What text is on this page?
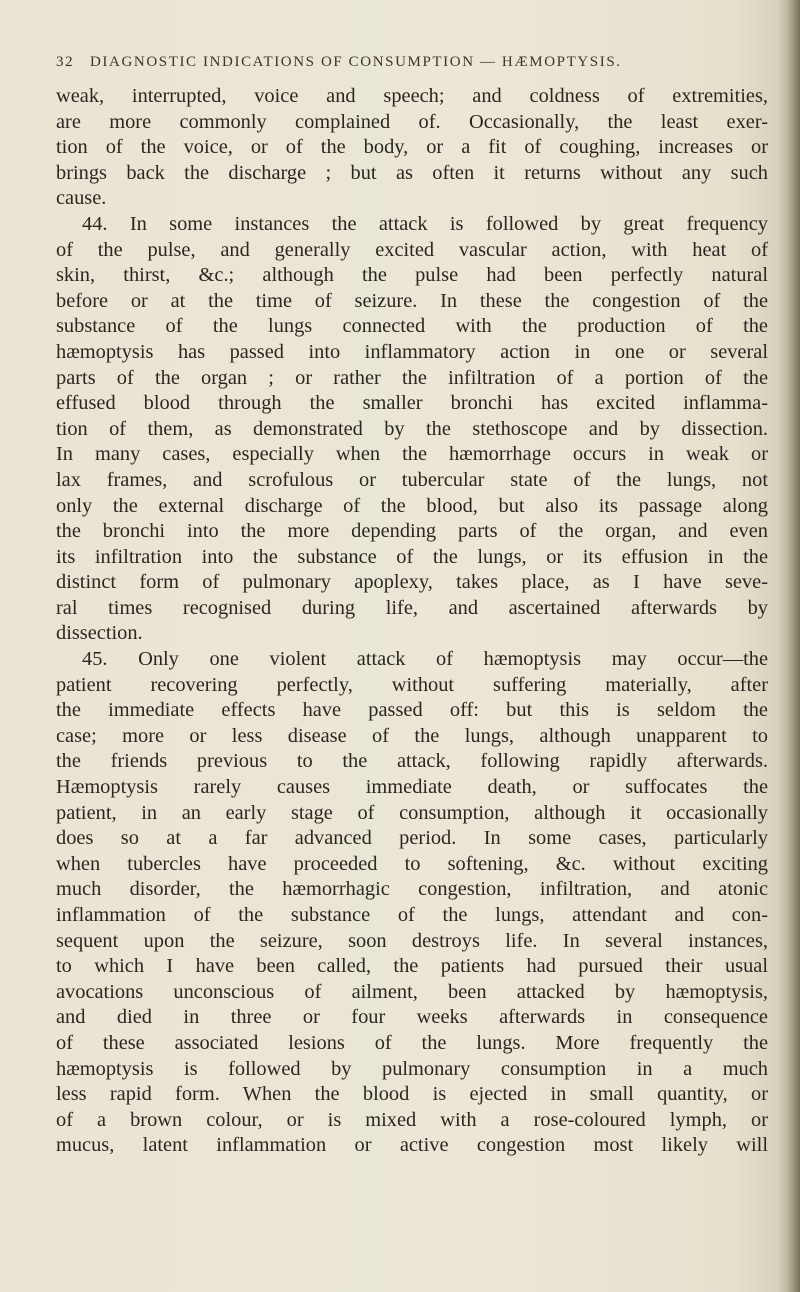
32 DIAGNOSTIC INDICATIONS OF CONSUMPTION — HÆMOPTYSIS.
weak, interrupted, voice and speech; and coldness of extremities,
are more commonly complained of. Occasionally, the least exer-
tion of the voice, or of the body, or a fit of coughing, increases or
brings back the discharge ; but as often it returns without any such
cause.
44. In some instances the attack is followed by great frequency
of the pulse, and generally excited vascular action, with heat of
skin, thirst, &c.; although the pulse had been perfectly natural
before or at the time of seizure. In these the congestion of the
substance of the lungs connected with the production of the
hæmoptysis has passed into inflammatory action in one or several
parts of the organ ; or rather the infiltration of a portion of the
effused blood through the smaller bronchi has excited inflamma-
tion of them, as demonstrated by the stethoscope and by dissection.
In many cases, especially when the hæmorrhage occurs in weak or
lax frames, and scrofulous or tubercular state of the lungs, not
only the external discharge of the blood, but also its passage along
the bronchi into the more depending parts of the organ, and even
its infiltration into the substance of the lungs, or its effusion in the
distinct form of pulmonary apoplexy, takes place, as I have seve-
ral times recognised during life, and ascertained afterwards by
dissection.
45. Only one violent attack of hæmoptysis may occur—the
patient recovering perfectly, without suffering materially, after
the immediate effects have passed off: but this is seldom the
case; more or less disease of the lungs, although unapparent to
the friends previous to the attack, following rapidly afterwards.
Hæmoptysis rarely causes immediate death, or suffocates the
patient, in an early stage of consumption, although it occasionally
does so at a far advanced period. In some cases, particularly
when tubercles have proceeded to softening, &c. without exciting
much disorder, the hæmorrhagic congestion, infiltration, and atonic
inflammation of the substance of the lungs, attendant and con-
sequent upon the seizure, soon destroys life. In several instances,
to which I have been called, the patients had pursued their usual
avocations unconscious of ailment, been attacked by hæmoptysis,
and died in three or four weeks afterwards in consequence
of these associated lesions of the lungs. More frequently the
hæmoptysis is followed by pulmonary consumption in a much
less rapid form. When the blood is ejected in small quantity, or
of a brown colour, or is mixed with a rose-coloured lymph, or
mucus, latent inflammation or active congestion most likely will
